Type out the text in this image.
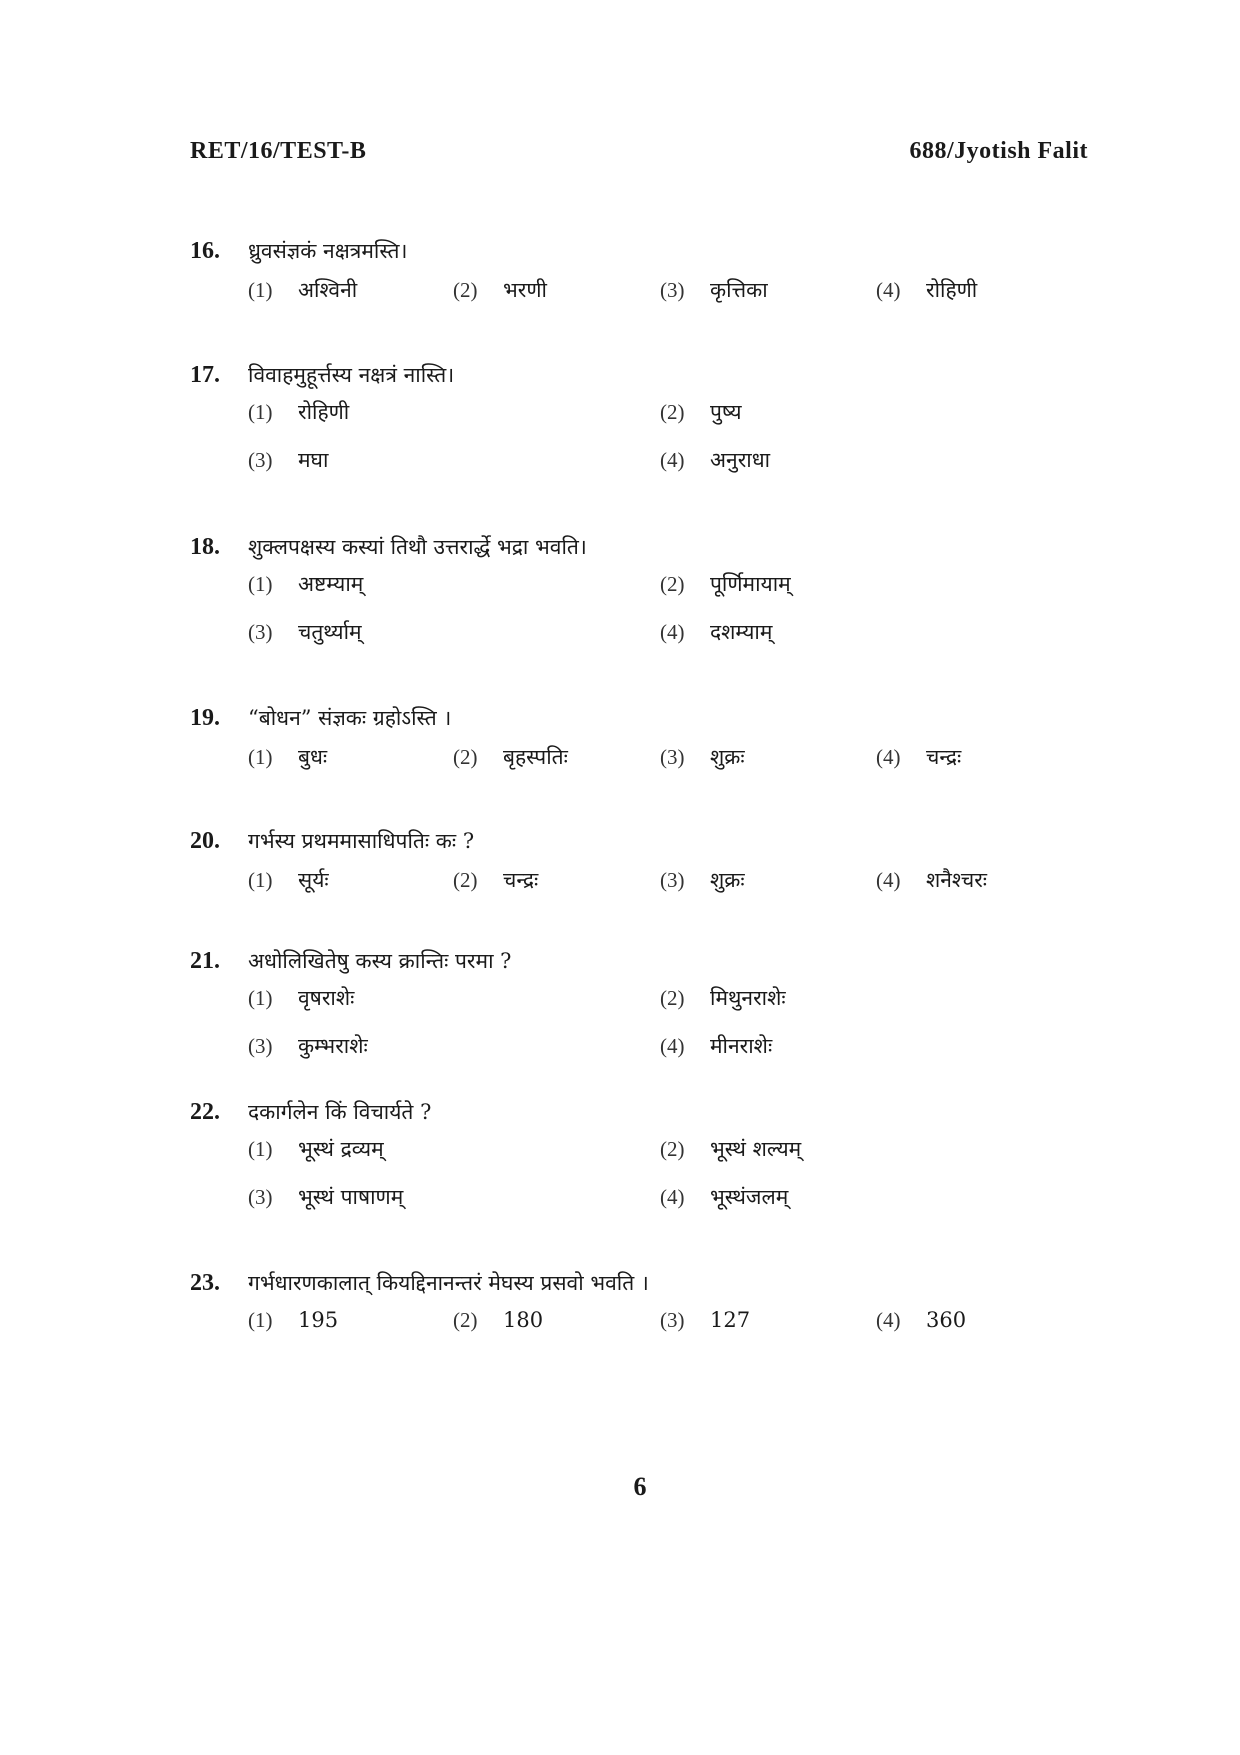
RET/16/TEST-B	688/Jyotish Falit
16.	ध्रुवसंज्ञकं नक्षत्रमस्ति।
(1)	अश्विनी	(2)	भरणी	(3)	कृत्तिका	(4)	रोहिणी
17.	विवाहमुहूर्त्तस्य नक्षत्रं नास्ति।
(1)	रोहिणी	(2)	पुष्य
(3)	मघा	(4)	अनुराधा
18.	शुक्लपक्षस्य कस्यां तिथौ उत्तरार्द्धे भद्रा भवति।
(1)	अष्टम्याम्	(2)	पूर्णिमायाम्
(3)	चतुर्थ्याम्	(4)	दशम्याम्
19.	“बोधन” संज्ञकः ग्रहोऽस्ति ।
(1)	बुधः	(2)	बृहस्पतिः	(3)	शुक्रः	(4)	चन्द्रः
20.	गर्भस्य प्रथममासाधिपतिः कः ?
(1)	सूर्यः	(2)	चन्द्रः	(3)	शुक्रः	(4)	शनैश्चरः
21.	अधोलिखितेषु कस्य क्रान्तिः परमा ?
(1)	वृषराशेः	(2)	मिथुनराशेः
(3)	कुम्भराशेः	(4)	मीनराशेः
22.	दकार्गलेन किं विचार्यते ?
(1)	भूस्थं द्रव्यम्	(2)	भूस्थं शल्यम्
(3)	भूस्थं पाषाणम्	(4)	भूस्थंजलम्
23.	गर्भधारणकालात् कियद्दिनानन्तरं मेघस्य प्रसवो भवति ।
(1)	195	(2)	180	(3)	127	(4)	360
6
